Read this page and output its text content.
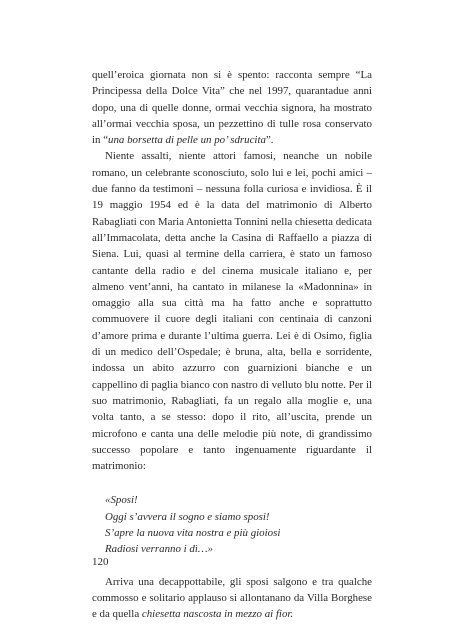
quell’eroica giornata non si è spento: racconta sempre “La Principessa della Dolce Vita” che nel 1997, quarantadue anni dopo, una di quelle donne, ormai vecchia signora, ha mostrato all’ormai vecchia sposa, un pezzettino di tulle rosa conservato in “una borsetta di pelle un po’ sdrucita”.

Niente assalti, niente attori famosi, neanche un nobile romano, un celebrante sconosciuto, solo lui e lei, pochi amici – due fanno da testimoni – nessuna folla curiosa e invidiosa. È il 19 maggio 1954 ed è la data del matrimonio di Alberto Rabagliati con Maria Antonietta Tonnini nella chiesetta dedicata all’Immacolata, detta anche la Casina di Raffaello a piazza di Siena. Lui, quasi al termine della carriera, è stato un famoso cantante della radio e del cinema musicale italiano e, per almeno vent’anni, ha cantato in milanese la «Madonnina» in omaggio alla sua città ma ha fatto anche e soprattutto commuovere il cuore degli italiani con centinaia di canzoni d’amore prima e durante l’ultima guerra. Lei è di Osimo, figlia di un medico dell’Ospedale; è bruna, alta, bella e sorridente, indossa un abito azzurro con guarnizioni bianche e un cappellino di paglia bianco con nastro di velluto blu notte. Per il suo matrimonio, Rabagliati, fa un regalo alla moglie e, una volta tanto, a se stesso: dopo il rito, all’uscita, prende un microfono e canta una delle melodie più note, di grandissimo successo popolare e tanto ingenuamente riguardante il matrimonio:

«Sposi!
Oggi s’avvera il sogno e siamo sposi!
S’apre la nuova vita nostra e più gioiosi
Radiosi verranno i dì…»

Arriva una decappottabile, gli sposi salgono e tra qualche commosso e solitario applauso si allontanano da Villa Borghese e da quella chiesetta nascosta in mezzo ai fior.

120
